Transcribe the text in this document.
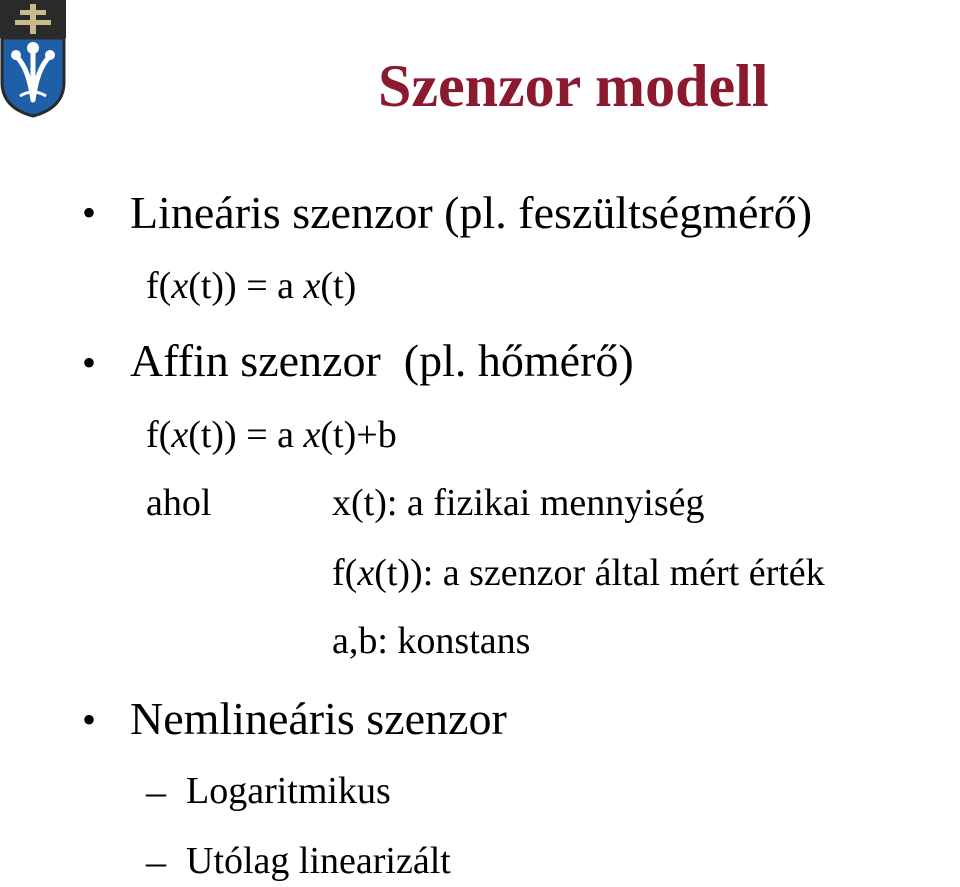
Szenzor modell
• Lineáris szenzor (pl. feszültségmérő)
f(x(t)) = a x(t)
• Affin szenzor  (pl. hőmérő)
f(x(t)) = a x(t)+b
ahol	x(t): a fizikai mennyiség
f(x(t)): a szenzor által mért érték
a,b: konstans
• Nemlineáris szenzor
– Logaritmikus
– Utólag linearizált
